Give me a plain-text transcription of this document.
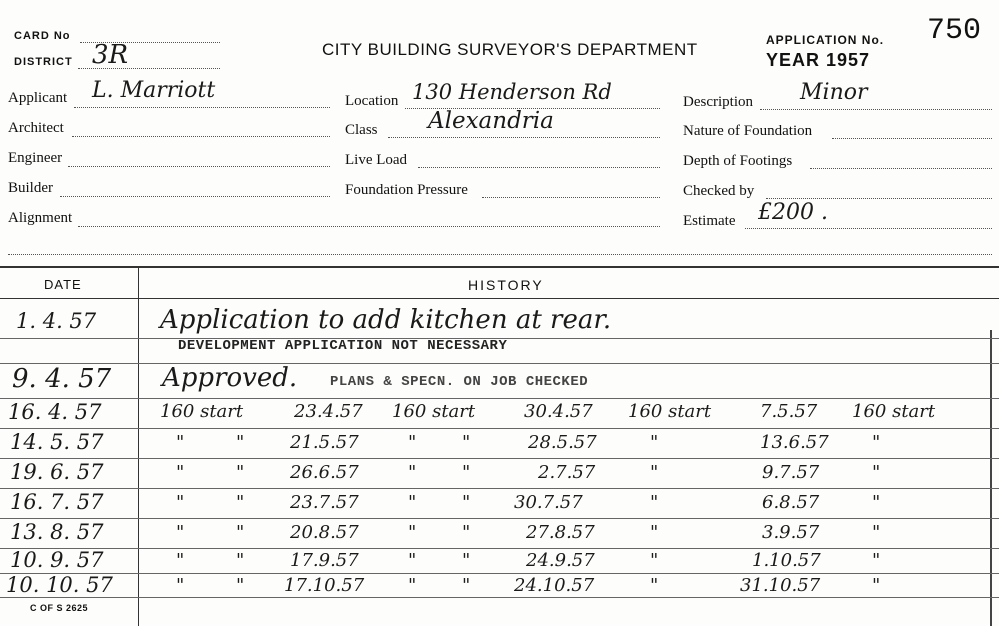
CARD No
DISTRICT 3R	CITY BUILDING SURVEYOR'S DEPARTMENT	APPLICATION No. 750
YEAR 1957
Applicant L. Marriott
Architect
Engineer
Builder
Alignment
Location 130 Henderson Rd
Class Alexandria
Live Load
Foundation Pressure
Description Minor
Nature of Foundation
Depth of Footings
Checked by
Estimate £200 .
DATE	HISTORY
1. 4. 57 Application to add kitchen at rear.
DEVELOPMENT APPLICATION NOT NECESSARY
9. 4. 57 Approved. PLANS & SPECN. ON JOB CHECKED
16. 4. 57	160 start	23.4.57 160 start	30.4.57 160 start	7.5.57 160 start
14. 5. 57	"	"	21.5.57	"	"	28.5.57	"	13.6.57 "
19. 6. 57	"	"	26.6.57	"	"	2.7.57	"	9.7.57	"
16. 7. 57	"	"	23.7.57	"	" 30.7.57	"	6.8.57	"
13. 8. 57	"	"	20.8.57	"	"	27.8.57	"	3.9.57	"
10. 9. 57	"	"	17.9.57	"	"	24.9.57	"	1.10.57	"
10. 10. 57	"	" 17.10.57 "	" 24.10.57	"	31.10.57	"
C OF S 2625
